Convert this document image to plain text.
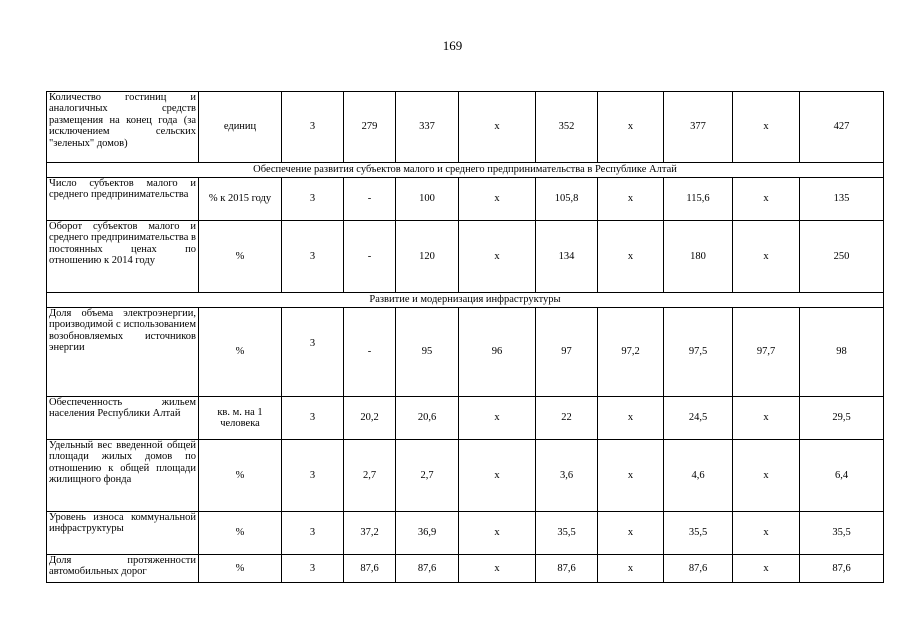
169
Количество гостиниц и аналогичных средств размещения на конец года (за исключением сельских "зеленых" домов)	единиц	3	279	337	х	352	х	377	х	427
Обеспечение развития субъектов малого и среднего предпринимательства в Республике Алтай										
Число субъектов малого и среднего предпринимательства	% к 2015 году	3	-	100	х	105,8	х	115,6	х	135
Оборот субъектов малого и среднего предпринимательства в постоянных ценах по отношению к 2014 году	%	3	-	120	х	134	х	180	х	250
Развитие и модернизация инфраструктуры										
Доля объема электроэнергии, производимой с использованием возобновляемых источников энергии	%	3	-	95	96	97	97,2	97,5	97,7	98
Обеспеченность жильем населения Республики Алтай	кв. м. на 1 человека	3	20,2	20,6	х	22	х	24,5	х	29,5
Удельный вес введенной общей площади жилых домов по отношению к общей площади жилищного фонда	%	3	2,7	2,7	х	3,6	х	4,6	х	6,4
Уровень износа коммунальной инфраструктуры	%	3	37,2	36,9	х	35,5	х	35,5	х	35,5
Доля протяженности автомобильных дорог	%	3	87,6	87,6	х	87,6	х	87,6	х	87,6
